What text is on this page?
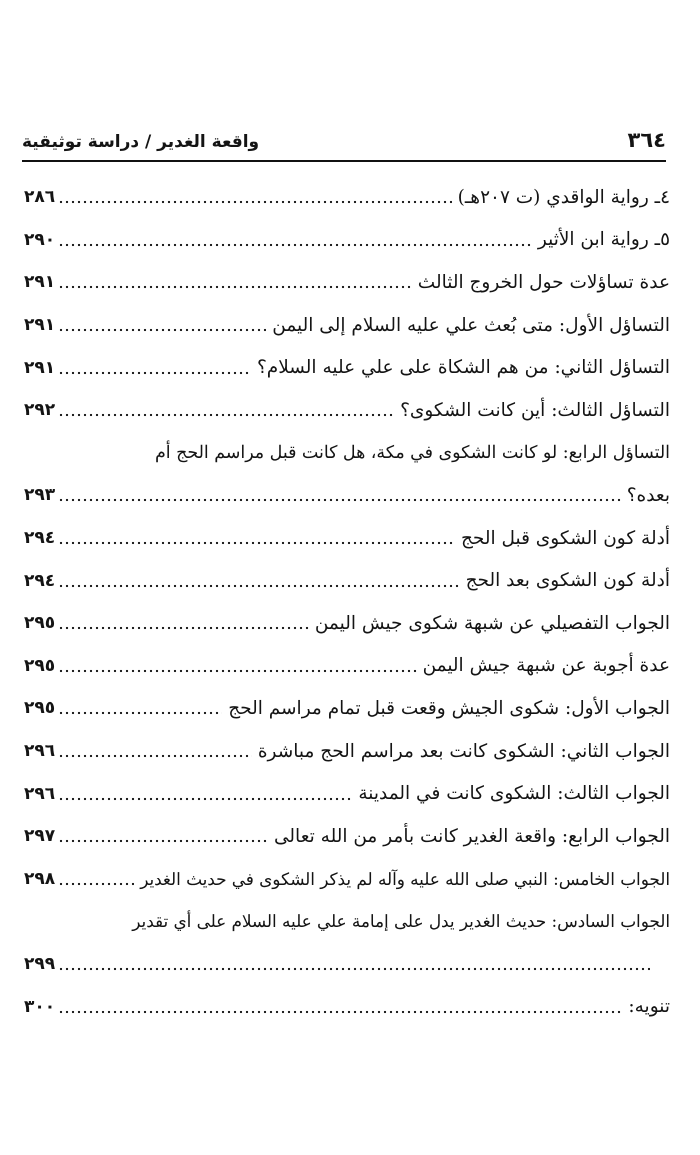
٣٦٤
واقعة الغدير / دراسة توثيقية
٤ـ رواية الواقدي (ت ٢٠٧هـ)
٢٨٦
٥ـ رواية ابن الأثير
٢٩٠
عدة تساؤلات حول الخروج الثالث
٢٩١
التساؤل الأول: متى بُعث علي عليه السلام إلى اليمن
٢٩١
التساؤل الثاني: من هم الشكاة على علي عليه السلام؟
٢٩١
التساؤل الثالث: أين كانت الشكوى؟
٢٩٢
التساؤل الرابع: لو كانت الشكوى في مكة، هل كانت قبل مراسم الحج أم
بعده؟
٢٩٣
أدلة كون الشكوى قبل الحج
٢٩٤
أدلة كون الشكوى بعد الحج
٢٩٤
الجواب التفصيلي عن شبهة شكوى جيش اليمن
٢٩٥
عدة أجوبة عن شبهة جيش اليمن
٢٩٥
الجواب الأول: شكوى الجيش وقعت قبل تمام مراسم الحج
٢٩٥
الجواب الثاني: الشكوى كانت بعد مراسم الحج مباشرة
٢٩٦
الجواب الثالث: الشكوى كانت في المدينة
٢٩٦
الجواب الرابع: واقعة الغدير كانت بأمر من الله تعالى
٢٩٧
الجواب الخامس: النبي صلى الله عليه وآله لم يذكر الشكوى في حديث الغدير
٢٩٨
الجواب السادس: حديث الغدير يدل على إمامة علي عليه السلام على أي تقدير
٢٩٩
تنويه:
٣٠٠
